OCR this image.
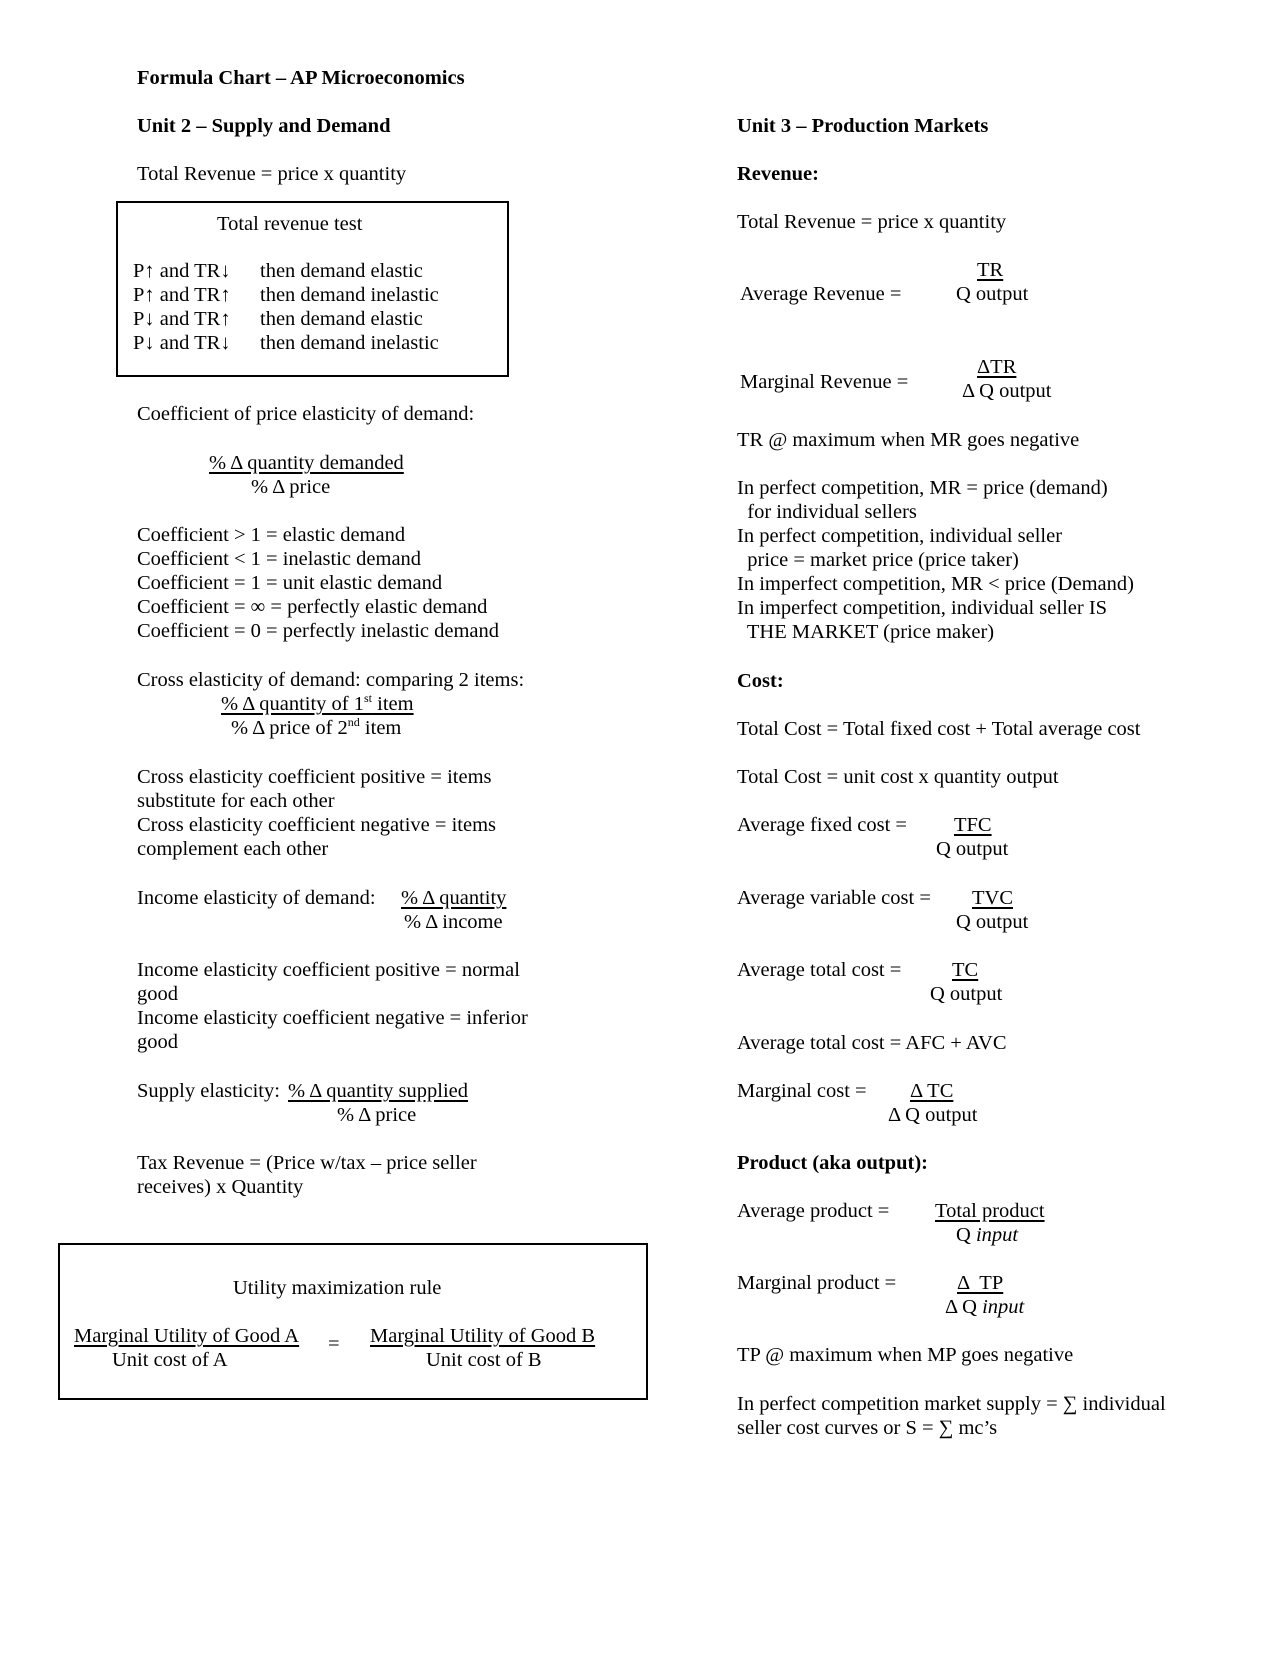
Formula Chart – AP Microeconomics
Unit 2 – Supply and Demand
Total Revenue = price x quantity
Total revenue test
P↑ and TR↓ then demand elastic
P↑ and TR↑ then demand inelastic
P↓ and TR↑ then demand elastic
P↓ and TR↓ then demand inelastic
Coefficient of price elasticity of demand:
% Δ quantity demanded
% Δ price
Coefficient > 1 = elastic demand
Coefficient < 1 = inelastic demand
Coefficient = 1 = unit elastic demand
Coefficient = ∞ = perfectly elastic demand
Coefficient = 0 = perfectly inelastic demand
Cross elasticity of demand: comparing 2 items:
% Δ quantity of 1st item
% Δ price of 2nd item
Cross elasticity coefficient positive = items
substitute for each other
Cross elasticity coefficient negative = items
complement each other
Income elasticity of demand: % Δ quantity
% Δ income
Income elasticity coefficient positive = normal
good
Income elasticity coefficient negative = inferior
good
Supply elasticity: % Δ quantity supplied
% Δ price
Tax Revenue = (Price w/tax – price seller
receives) x Quantity
Utility maximization rule
Marginal Utility of Good A
Unit cost of A
= Marginal Utility of Good B
Unit cost of B
Unit 3 – Production Markets
Revenue:
Total Revenue = price x quantity
Average Revenue =
TR
Q output
Marginal Revenue =
ΔTR
Δ Q output
TR @ maximum when MR goes negative
In perfect competition, MR = price (demand)
for individual sellers
In perfect competition, individual seller
price = market price (price taker)
In imperfect competition, MR < price (Demand)
In imperfect competition, individual seller IS
THE MARKET (price maker)
Cost:
Total Cost = Total fixed cost + Total average cost
Total Cost = unit cost x quantity output
Average fixed cost = TFC
Q output
Average variable cost = TVC
Q output
Average total cost = TC
Q output
Average total cost = AFC + AVC
Marginal cost = Δ TC
Δ Q output
Product (aka output):
Average product = Total product
Q input
Marginal product =	Δ  TP
Δ Q input
TP @ maximum when MP goes negative
In perfect competition market supply = ∑ individual
seller cost curves or S = ∑ mc’s
